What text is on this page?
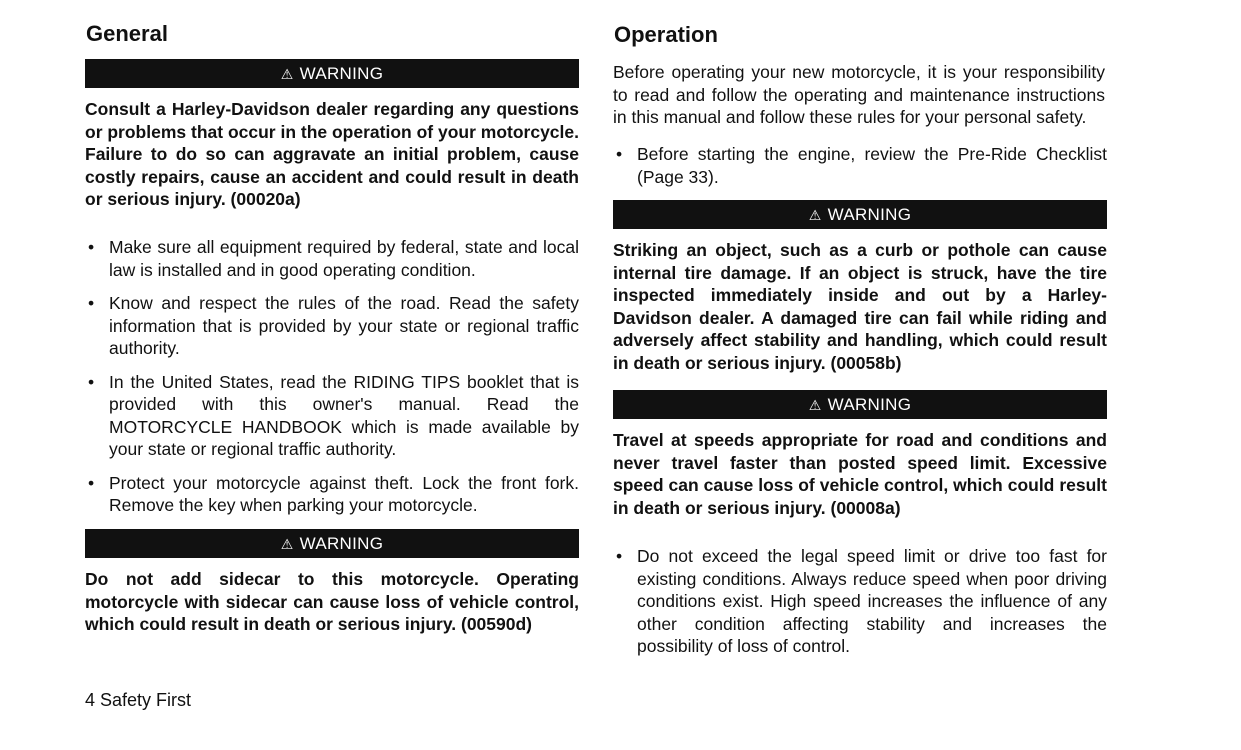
General
⚠ WARNING

Consult a Harley-Davidson dealer regarding any questions or problems that occur in the operation of your motorcycle. Failure to do so can aggravate an initial problem, cause costly repairs, cause an accident and could result in death or serious injury. (00020a)

• Make sure all equipment required by federal, state and local law is installed and in good operating condition.
• Know and respect the rules of the road. Read the safety information that is provided by your state or regional traffic authority.
• In the United States, read the RIDING TIPS booklet that is provided with this owner's manual. Read the MOTORCYCLE HANDBOOK which is made available by your state or regional traffic authority.
• Protect your motorcycle against theft. Lock the front fork. Remove the key when parking your motorcycle.
⚠ WARNING

Do not add sidecar to this motorcycle. Operating motorcycle with sidecar can cause loss of vehicle control, which could result in death or serious injury. (00590d)

Operation

Before operating your new motorcycle, it is your responsibility to read and follow the operating and maintenance instructions in this manual and follow these rules for your personal safety.

• Before starting the engine, review the Pre-Ride Checklist (Page 33).
⚠ WARNING

Striking an object, such as a curb or pothole can cause internal tire damage. If an object is struck, have the tire inspected immediately inside and out by a Harley-Davidson dealer. A damaged tire can fail while riding and adversely affect stability and handling, which could result in death or serious injury. (00058b)

⚠ WARNING

Travel at speeds appropriate for road and conditions and never travel faster than posted speed limit. Excessive speed can cause loss of vehicle control, which could result in death or serious injury. (00008a)

• Do not exceed the legal speed limit or drive too fast for existing conditions. Always reduce speed when poor driving conditions exist. High speed increases the influence of any other condition affecting stability and increases the possibility of loss of control.
4 Safety First
